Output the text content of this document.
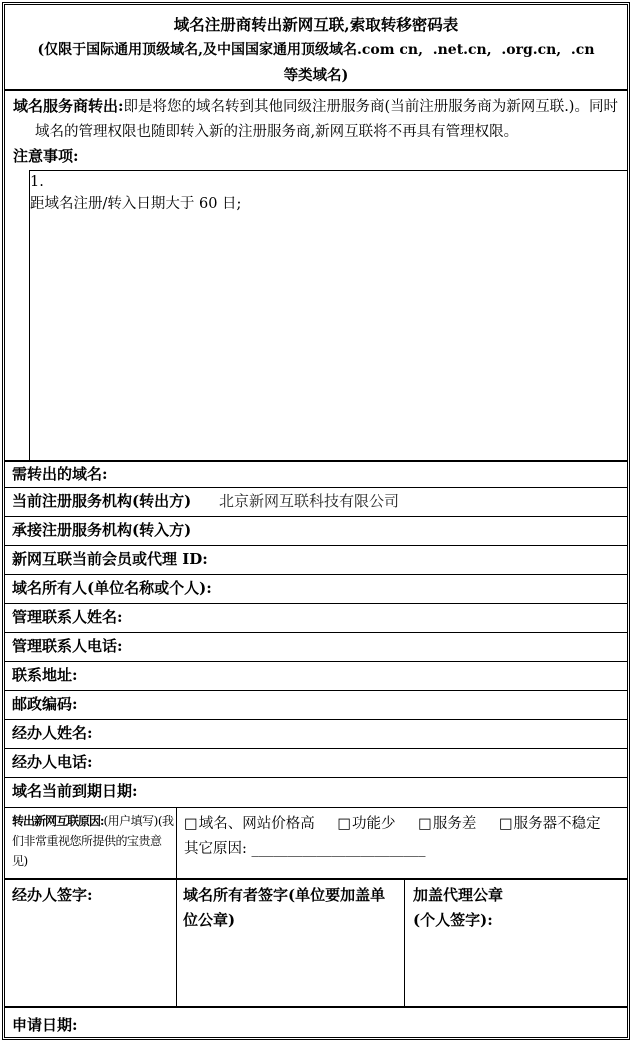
域名注册商转出新网互联,索取转移密码表
(仅限于国际通用顶级域名,及中国国家通用顶级域名.com cn,  .net.cn,  .org.cn,  .cn
等类域名)
域名服务商转出:即是将您的域名转到其他同级注册服务商(当前注册服务商为新网互联.)。同时域名的管理权限也随即转入新的注册服务商,新网互联将不再具有管理权限。
注意事项:
1.
距域名注册/转入日期大于 60 日;
需转出的域名:
当前注册服务机构(转出方) 北京新网互联科技有限公司
承接注册服务机构(转入方)
新网互联当前会员或代理 ID:
域名所有人(单位名称或个人):
管理联系人姓名:
管理联系人电话:
联系地址:
邮政编码:
经办人姓名:
经办人电话:
域名当前到期日期:
转出新网互联原因:(用户填写)(我们非常重视您所提供的宝贵意见)
□域名、网站价格高 □功能少 □服务差 □服务器不稳定
其它原因: ________________________
经办人签字:	域名所有者签字(单位要加盖单位公章)
加盖代理公章
(个人签字):
申请日期:
